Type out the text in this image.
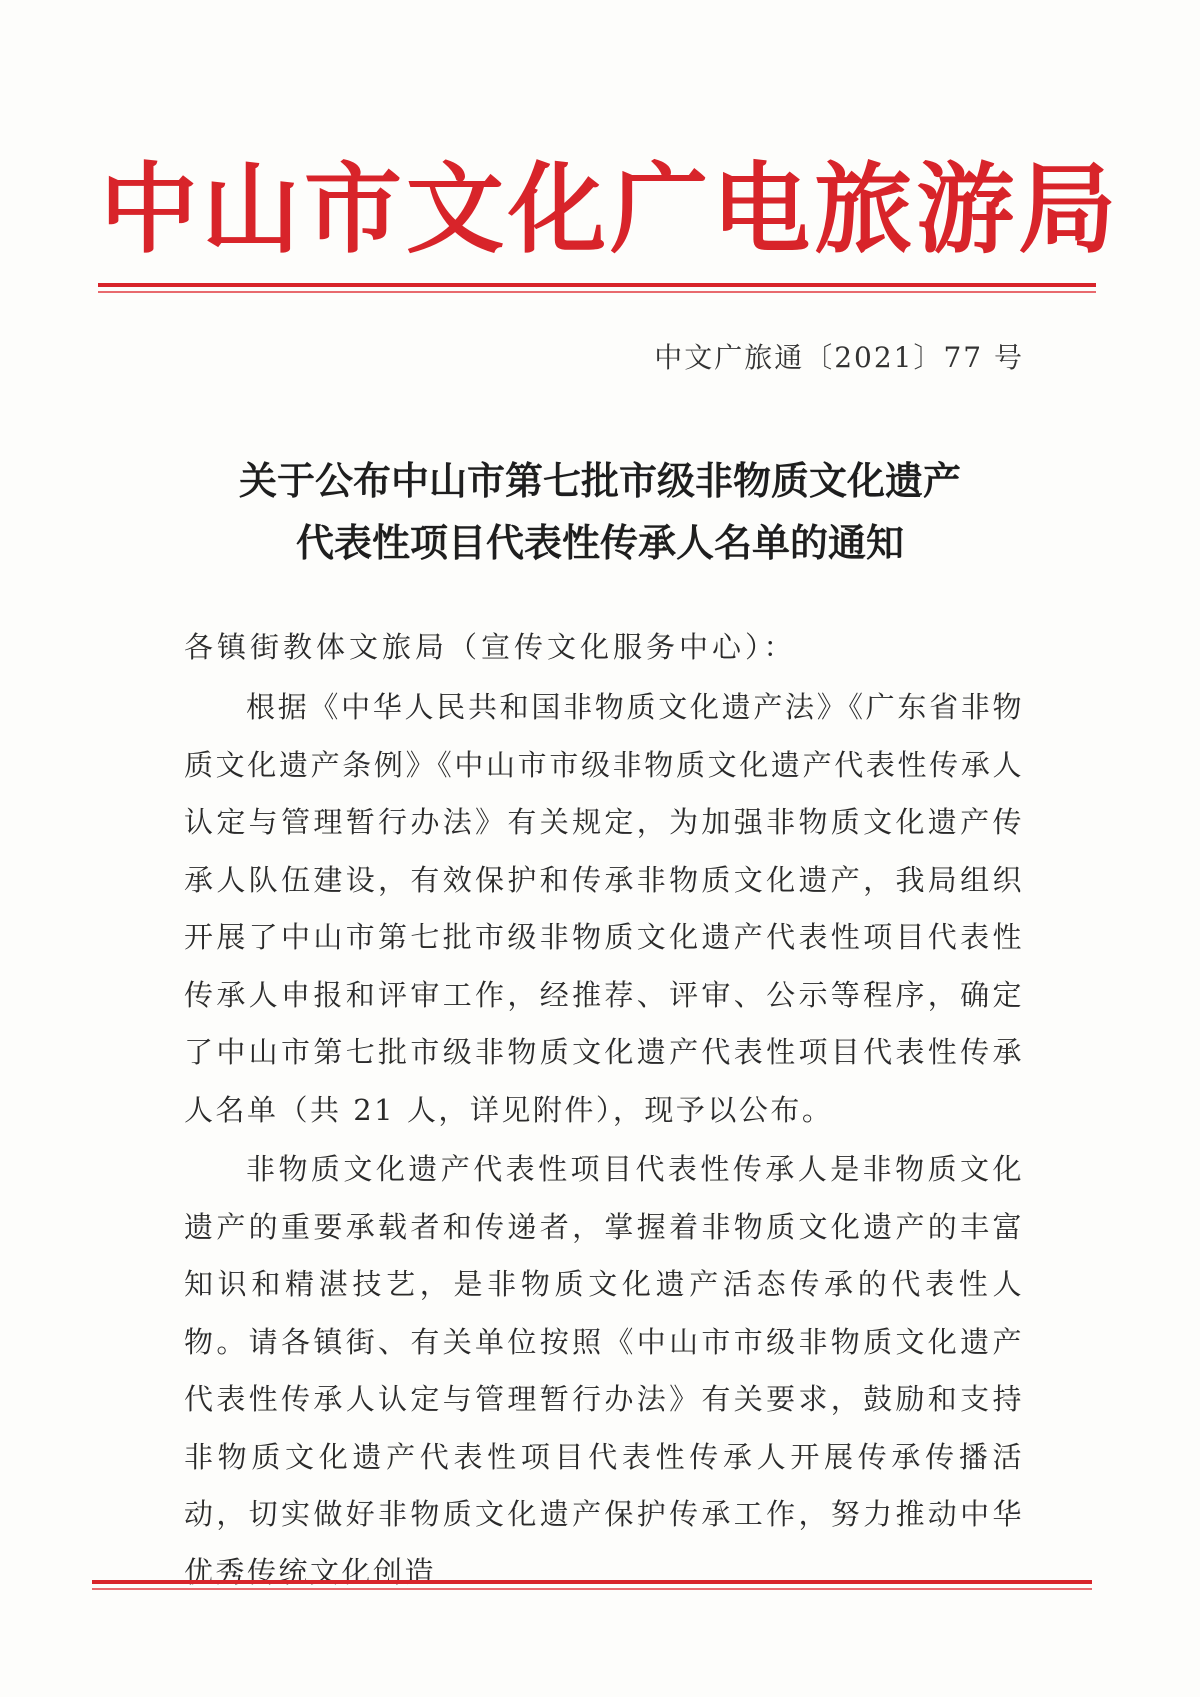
中 山 市 文 化 广 电 旅 游 局
中文广旅通〔2021〕77 号
关于公布中山市第七批市级非物质文化遗产
代表性项目代表性传承人名单的通知
各镇街教体文旅局（宣传文化服务中心）：

根据《中华人民共和国非物质文化遗产法》《广东省非物质文化遗产条例》《中山市市级非物质文化遗产代表性传承人认定与管理暂行办法》有关规定，为加强非物质文化遗产传承人队伍建设，有效保护和传承非物质文化遗产，我局组织开展了中山市第七批市级非物质文化遗产代表性项目代表性传承人申报和评审工作，经推荐、评审、公示等程序，确定了中山市第七批市级非物质文化遗产代表性项目代表性传承人名单（共 21 人，详见附件），现予以公布。

非物质文化遗产代表性项目代表性传承人是非物质文化遗产的重要承载者和传递者，掌握着非物质文化遗产的丰富知识和精湛技艺，是非物质文化遗产活态传承的代表性人物。请各镇街、有关单位按照《中山市市级非物质文化遗产代表性传承人认定与管理暂行办法》有关要求，鼓励和支持非物质文化遗产代表性项目代表性传承人开展传承传播活动，切实做好非物质文化遗产保护传承工作，努力推动中华优秀传统文化创造
